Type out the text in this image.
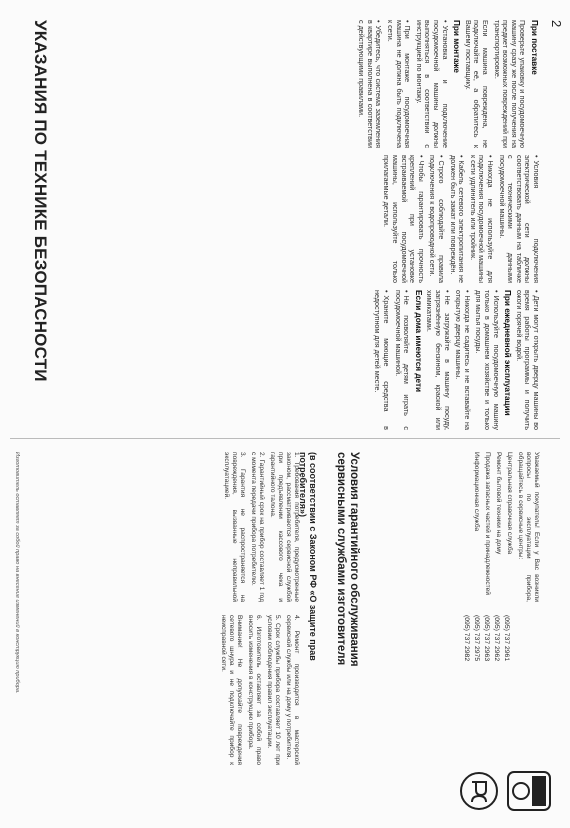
2
УКАЗАНИЯ ПО ТЕХНИКЕ БЕЗОПАСНОСТИ	При поставке

Проверьте упаковку и посудомоечную машину сразу же после получения на предмет возможных повреждений при транспортировке.

Если машина повреждена, не подключайте её, а обратитесь к Вашему поставщику.

При монтаже

• Установка и подключение посудомоечной машины должны выполняться в соответствии с инструкцией по монтажу.

• При монтаже посудомоечная машина не должна быть подключена к сети.

• Убедитесь, что система заземления в квартире выполнена в соответствии с действующими правилами.

• Условия подключения электрической сети должны соответствовать данным на табличке с техническими данными посудомоечной машины.

• Никогда не используйте для подключения посудомоечной машины к сети удлинитель или тройник.

• Кабель сетевого электропитания не должен быть зажат или повреждён.

• Строго соблюдайте правила подключения к водопроводной сети.

• Чтобы гарантировать прочность креплений при установке встраиваемой посудомоечной машины, используйте только прилагаемые детали.

• Дети могут открыть дверцу машины во время работы программы и получить ожоги горячей водой.

При ежедневной эксплуатации

• Используйте посудомоечную машину только в домашнем хозяйстве и только для мытья посуды.

• Никогда не садитесь и не вставайте на открытую дверцу машины.

• Не загружайте в машину посуду, загрязнённую бензином, краской или химикатами.

Если дома имеются дети

• Не позволяйте детям играть с посудомоечной машиной.

• Храните моющие средства в недоступном для детей месте.

Уважаемый покупатель! Если у Вас возникли вопросы по эксплуатации прибора, обращайтесь в сервисные центры:

Центральная справочная служба

Ремонт бытовой техники на дому

Продажа запасных частей и принадлежностей

Информационная служба

(095) 737 2961
(095) 737 2962
(095) 737 2963
(095) 737 2975
(095) 737 2982
Условия гарантийного обслуживания сервисными службами изготовителя
(в соответствии с Законом РФ «О защите прав потребителя»)

1. Требования потребителя, предусмотренные законом, рассматриваются сервисной службой при предъявлении кассового чека и гарантийного талона.

2. Гарантийный срок на прибор составляет 1 год с момента передачи прибора потребителю.

3. Гарантия не распространяется на повреждения, вызванные неправильной эксплуатацией.

4. Ремонт производится в мастерской сервисной службы или на дому у потребителя.

5. Срок службы прибора составляет 10 лет при условии соблюдения правил эксплуатации.

6. Изготовитель оставляет за собой право вносить изменения в конструкцию прибора.

Внимание! Не допускайте повреждения сетевого шнура и не подключайте прибор к неисправной сети.

Изготовитель оставляет за собой право на внесение изменений в конструкцию прибора.
